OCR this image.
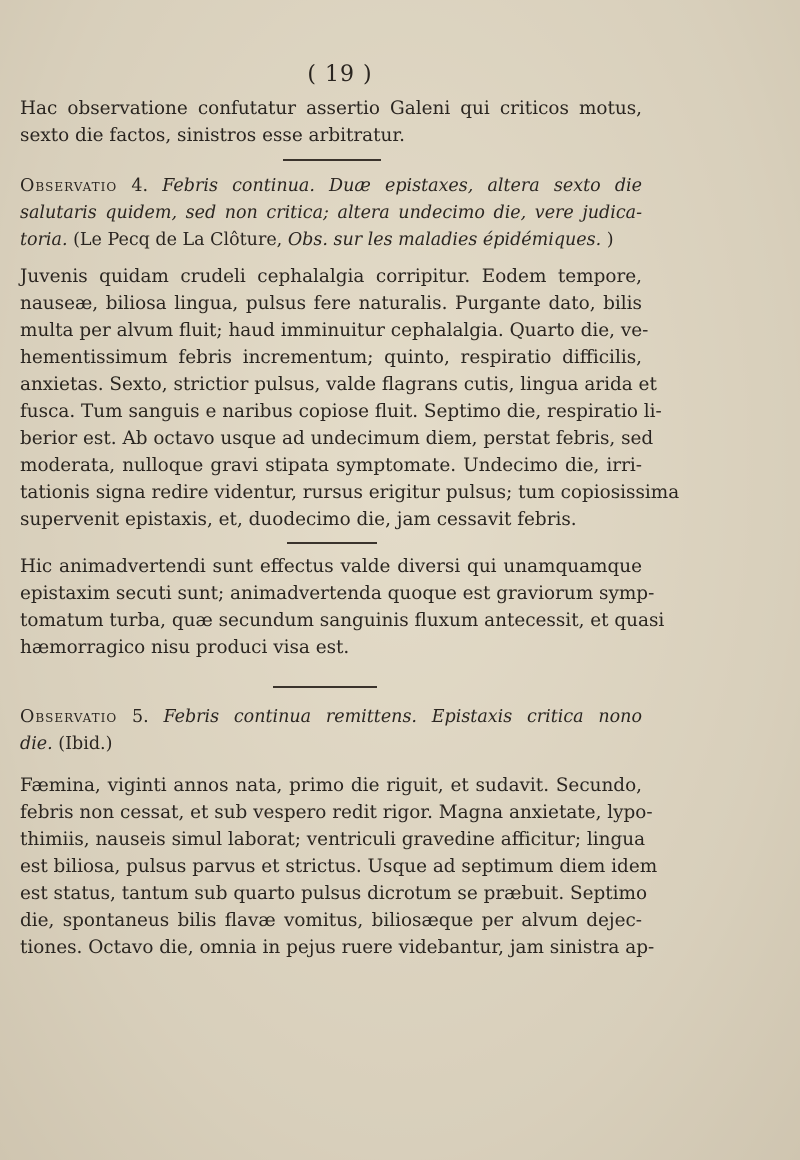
( 19 )
Hac observatione confutatur assertio Galeni qui criticos motus,
sexto die factos, sinistros esse arbitratur.
Observatio 4. Febris continua. Duæ epistaxes, altera sexto die
salutaris quidem, sed non critica; altera undecimo die, vere judica-
toria. (Le Pecq de La Clôture, Obs. sur les maladies épidémiques. )
Juvenis quidam crudeli cephalalgia corripitur. Eodem tempore,
nauseæ, biliosa lingua, pulsus fere naturalis. Purgante dato, bilis
multa per alvum fluit; haud imminuitur cephalalgia. Quarto die, ve-
hementissimum febris incrementum; quinto, respiratio difficilis,
anxietas. Sexto, strictior pulsus, valde flagrans cutis, lingua arida et
fusca. Tum sanguis e naribus copiose fluit. Septimo die, respiratio li-
berior est. Ab octavo usque ad undecimum diem, perstat febris, sed
moderata, nulloque gravi stipata symptomate. Undecimo die, irri-
tationis signa redire videntur, rursus erigitur pulsus; tum copiosissima
supervenit epistaxis, et, duodecimo die, jam cessavit febris.
Hic animadvertendi sunt effectus valde diversi qui unamquamque
epistaxim secuti sunt; animadvertenda quoque est graviorum symp-
tomatum turba, quæ secundum sanguinis fluxum antecessit, et quasi
hæmorragico nisu produci visa est.
Observatio 5. Febris continua remittens. Epistaxis critica nono
die. (Ibid.)
Fæmina, viginti annos nata, primo die riguit, et sudavit. Secundo,
febris non cessat, et sub vespero redit rigor. Magna anxietate, lypo-
thimiis, nauseis simul laborat; ventriculi gravedine afficitur; lingua
est biliosa, pulsus parvus et strictus. Usque ad septimum diem idem
est status, tantum sub quarto pulsus dicrotum se præbuit. Septimo
die, spontaneus bilis flavæ vomitus, biliosæque per alvum dejec-
tiones. Octavo die, omnia in pejus ruere videbantur, jam sinistra ap-
